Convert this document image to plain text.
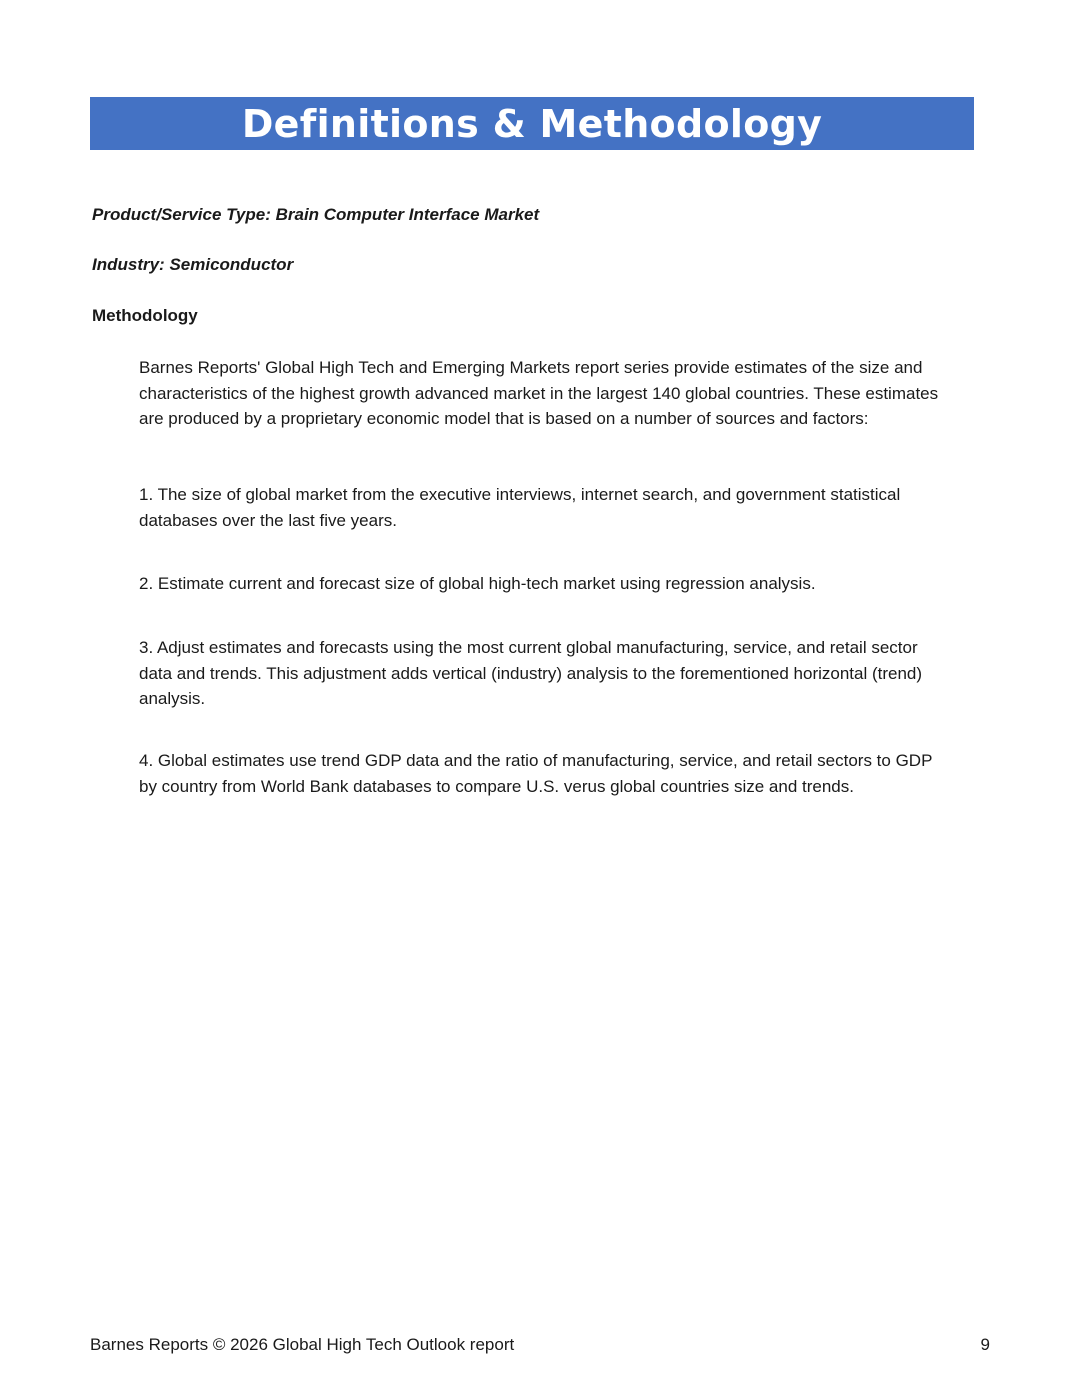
Definitions & Methodology
Product/Service Type: Brain Computer Interface Market
Industry: Semiconductor
Methodology

Barnes Reports' Global High Tech and Emerging Markets report series provide estimates of the size and characteristics of the highest growth advanced market in the largest 140 global countries. These estimates are produced by a proprietary economic model that is based on a number of sources and factors:

1. The size of global market from the executive interviews, internet search, and government statistical databases over the last five years.

2. Estimate current and forecast size of global high-tech market using regression analysis.

3. Adjust estimates and forecasts using the most current global manufacturing, service, and retail sector data and trends. This adjustment adds vertical (industry) analysis to the forementioned horizontal (trend) analysis.

4. Global estimates use trend GDP data and the ratio of manufacturing, service, and retail sectors to GDP by country from World Bank databases to compare U.S. verus global countries size and trends.

Barnes Reports © 2026 Global High Tech Outlook report	9
